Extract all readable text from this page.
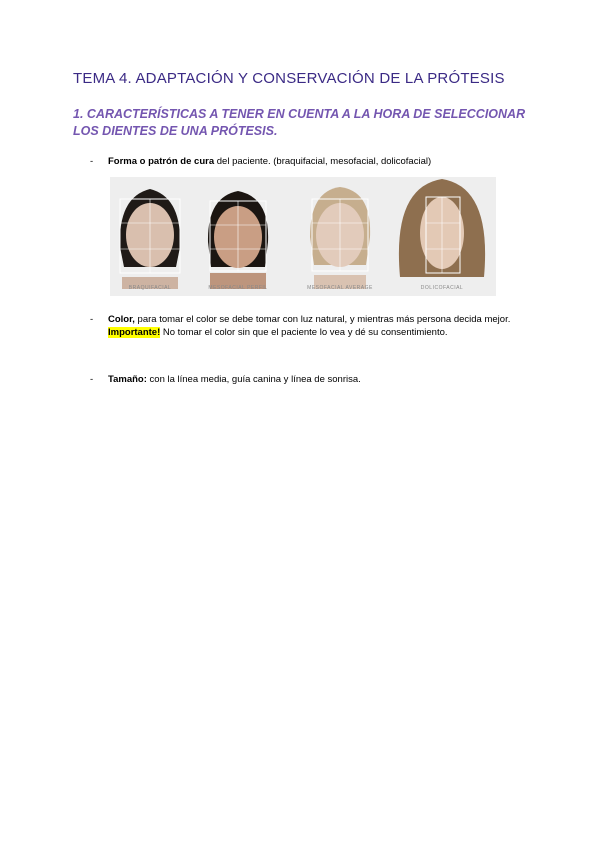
TEMA 4. ADAPTACIÓN Y CONSERVACIÓN DE LA PRÓTESIS
1. CARACTERÍSTICAS A TENER EN CUENTA A LA HORA DE SELECCIONAR LOS DIENTES DE UNA PRÓTESIS.
- Forma o patrón de cura del paciente. (braquifacial, mesofacial, dolicofacial)
BRAQUIFACIAL	MESOFACIAL PERFIL	MESOFACIAL AVERAGE	DOLICOFACIAL
- Color, para tomar el color se debe tomar con luz natural, y mientras más persona decida mejor.
Importante! No tomar el color sin que el paciente lo vea y dé su consentimiento.
- Tamaño: con la línea media, guía canina y línea de sonrisa.
